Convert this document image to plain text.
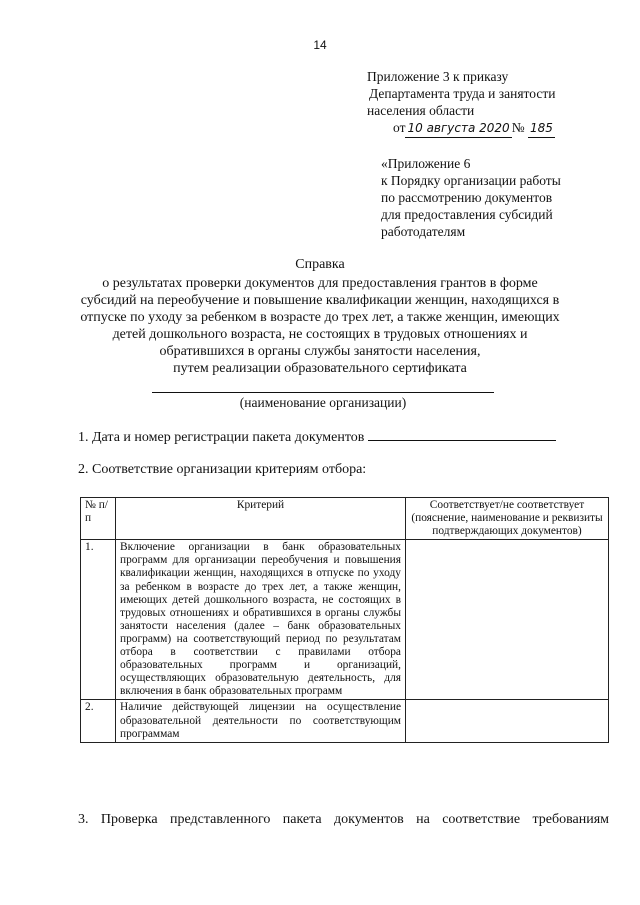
14
Приложение 3 к приказу
Департамента труда и занятости
населения области
от 10 августа 2020 № 185
«Приложение 6
к Порядку организации работы
по рассмотрению документов
для предоставления субсидий
работодателям
Справка
о результатах проверки документов для предоставления грантов в форме
субсидий на переобучение и повышение квалификации женщин, находящихся в
отпуске по уходу за ребенком в возрасте до трех лет, а также женщин, имеющих
детей дошкольного возраста, не состоящих в трудовых отношениях и
обратившихся в органы службы занятости населения,
путем реализации образовательного сертификата
(наименование организации)
1. Дата и номер регистрации пакета документов
2. Соответствие организации критериям отбора:
№ п/п	Критерий	Соответствует/не соответствует (пояснение, наименование и реквизиты подтверждающих документов)
1.	Включение организации в банк образовательных программ для организации переобучения и повышения квалификации женщин, находящихся в отпуске по уходу за ребенком в возрасте до трех лет, а также женщин, имеющих детей дошкольного возраста, не состоящих в трудовых отношениях и обратившихся в органы службы занятости населения (далее – банк образовательных программ) на соответствующий период по результатам отбора в соответствии с правилами отбора образовательных программ и организаций, осуществляющих образовательную деятельность, для включения в банк образовательных программ	
2.	Наличие действующей лицензии на осуществление образовательной деятельности по соответствующим программам	
3. Проверка представленного пакета документов на соответствие требованиям
